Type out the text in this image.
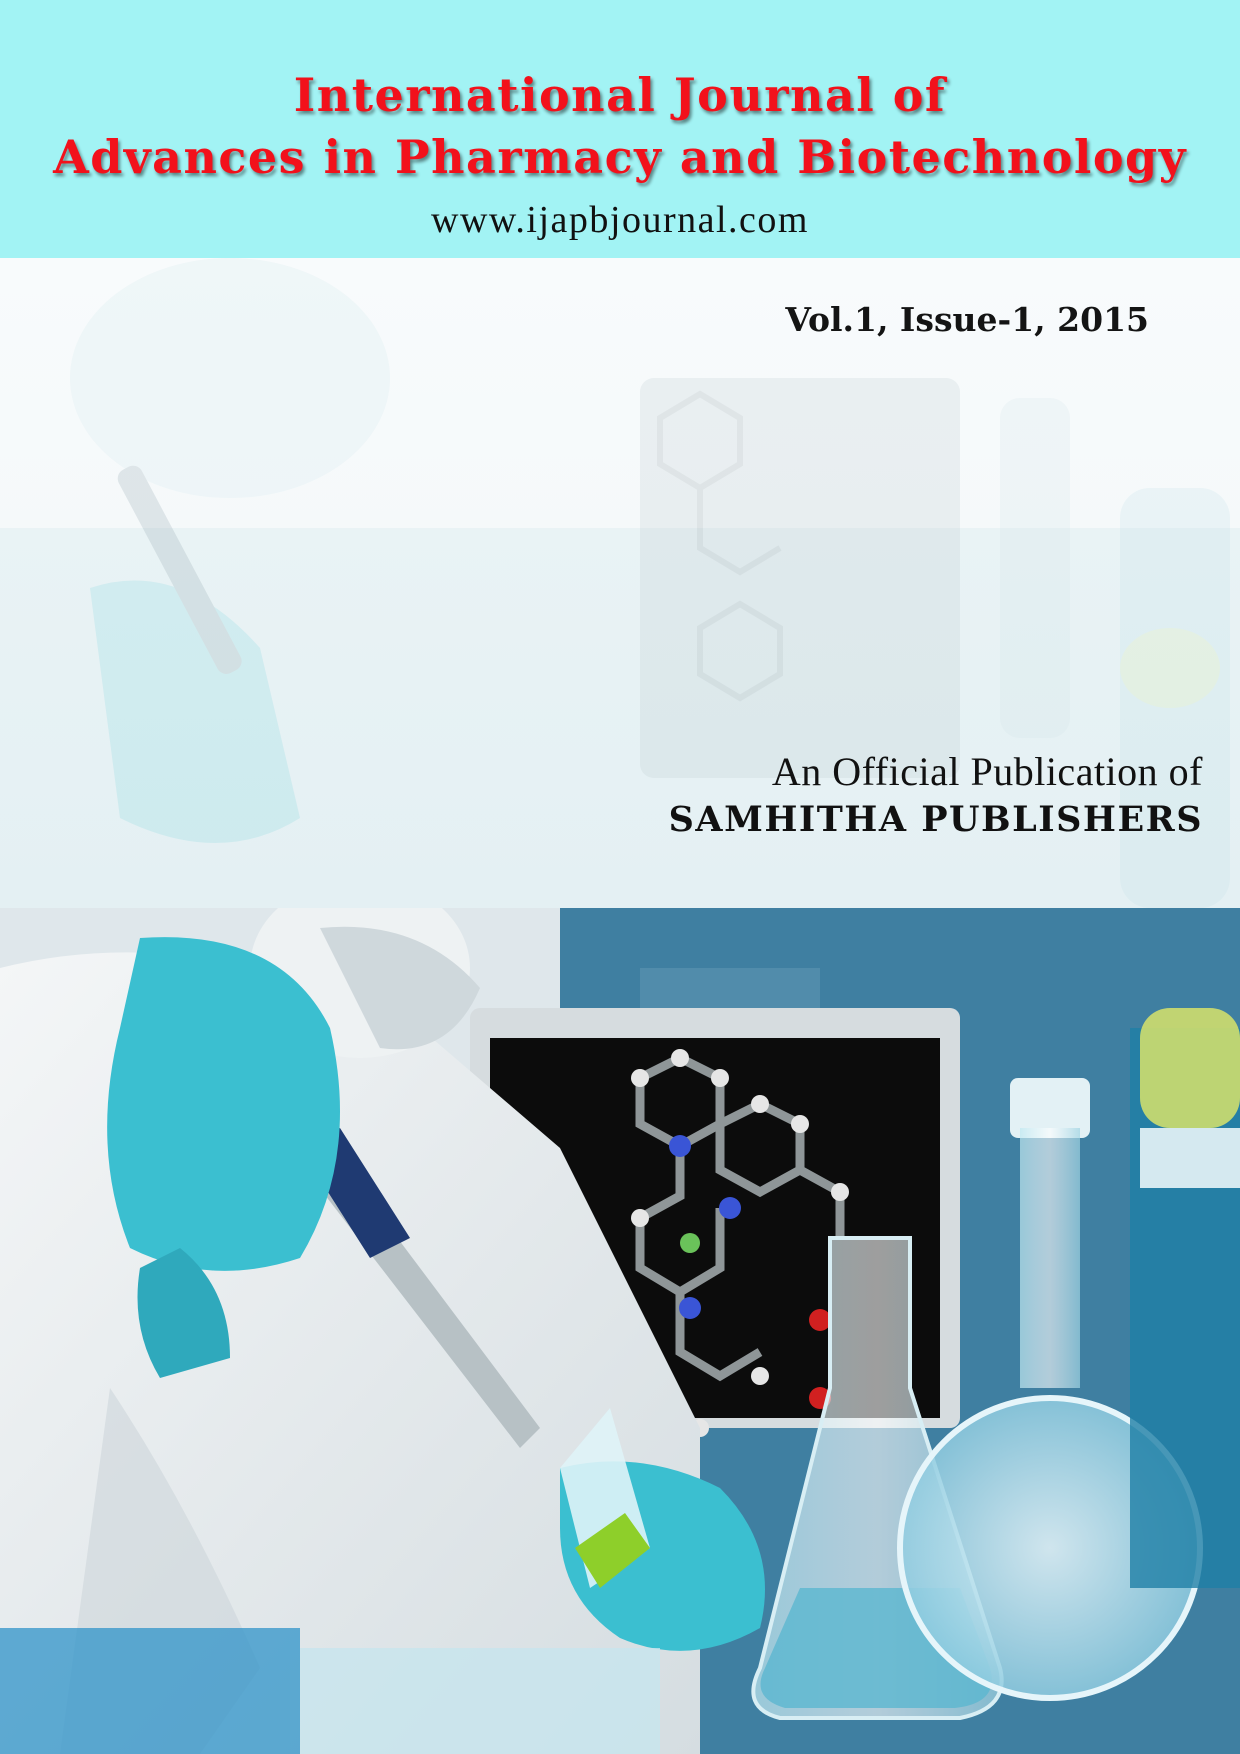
International Journal of
Advances in Pharmacy and Biotechnology
www.ijapbjournal.com
Vol.1, Issue-1, 2015
An Official Publication of
SAMHITHA PUBLISHERS
